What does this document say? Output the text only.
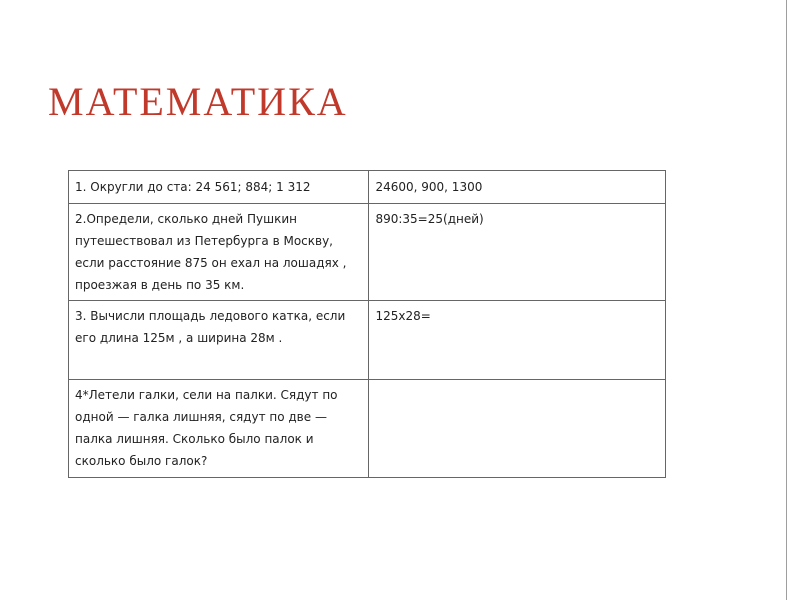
МАТЕМАТИКА
1. Округли до ста: 24 561; 884; 1 312	24600, 900, 1300
2.Определи, сколько дней Пушкин путешествовал из Петербурга в Москву, если расстояние 875 он ехал на лошадях , проезжая в день по 35 км.	890:35=25(дней)
3. Вычисли площадь ледового катка, если его длина 125м , а ширина 28м .	125х28=
4*Летели галки, сели на палки. Сядут по одной — галка лишняя, сядут по две — палка лишняя. Сколько было палок и сколько было галок?	
